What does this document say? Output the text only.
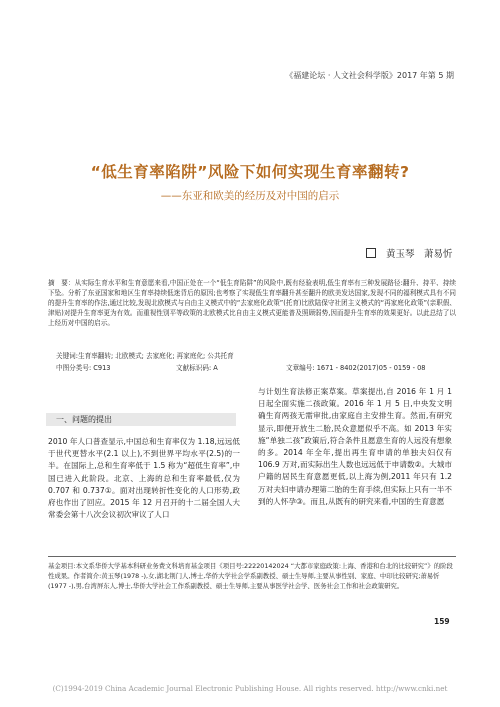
《福建论坛 · 人文社会科学版》2017 年第 5 期
“低生育率陷阱”风险下如何实现生育率翻转?
——东亚和欧美的经历及对中国的启示
黄玉琴　萧易忻
摘　要：从实际生育水平和生育意愿来看,中国正处在一个“低生育陷阱”的风险中,既有经验表明,低生育率有三种发展路径:翻升、持平、持续下坠。分析了东亚国家和地区生育率持续低迷背后的原因;也考察了实现低生育率翻升甚至翻升的欧美发达国家,发现不同的福利模式具有不同的提升生育率的作法,通过比较,发现北欧模式与自由主义模式中的“去家庭化政策”(托育)比欧陆保守社团主义模式的“再家庭化政策”(亲职假、津贴)对提升生育率更为有效。而重视性别平等政策的北欧模式比自由主义模式更能普及照顾弱势,因而提升生育率的效果更好。以此总结了以上经历对中国的启示。
关键词:生育率翻转; 北欧模式; 去家庭化; 再家庭化; 公共托育
中图分类号: C913	文献标识码: A	文章编号: 1671 - 8402(2017)05 - 0159 - 08
一、问题的提出
2010 年人口普查显示,中国总和生育率仅为 1.18,远远低于世代更替水平(2.1 以上),不到世界平均水平(2.5)的一半。在国际上,总和生育率低于 1.5 称为“超低生育率”,中国已进入此阶段。北京、上海的总和生育率最低,仅为 0.707 和 0.737①。面对出现转折性变化的人口形势,政府也作出了回应。2015 年 12 月召开的十二届全国人大常委会第十八次会议初次审议了人口
与计划生育法修正案草案。草案提出,自 2016 年 1 月 1 日起全面实施二孩政策。2016 年 1 月 5 日,中央发文明确生育两孩无需审批,由家庭自主安排生育。然而,有研究显示,即便开放生二胎,民众意愿似乎不高。如 2013 年实施“单独二孩”政策后,符合条件且愿意生育的人远没有想象的多。2014 年全年,提出再生育申请的单独夫妇仅有 106.9 万对,而实际出生人数也远远低于申请数②。大城市户籍的居民生育意愿更低,以上海为例,2011 年只有 1.2 万对夫妇申请办理第二胎的生育手续,但实际上只有一半不到的人怀孕③。而且,从既有的研究来看,中国的生育意愿
基金项目:本文系华侨大学基本科研业务费文科培育基金项目《项目号:22220142024 “大都市家庭政策:上海、香港和台北的比较研究”》的阶段性成果。作者简介:黄玉琴(1978 -),女,湖北荆门人,博士,华侨大学社会学系副教授、硕士生导师,主要从事性别、家庭、中印比较研究;萧易忻(1977 -),男,台湾屏东人,博士,华侨大学社会工作系副教授、硕士生导师,主要从事医学社会学、医务社会工作和社会政策研究。
159
(C)1994-2019 China Academic Journal Electronic Publishing House. All rights reserved. http://www.cnki.net
